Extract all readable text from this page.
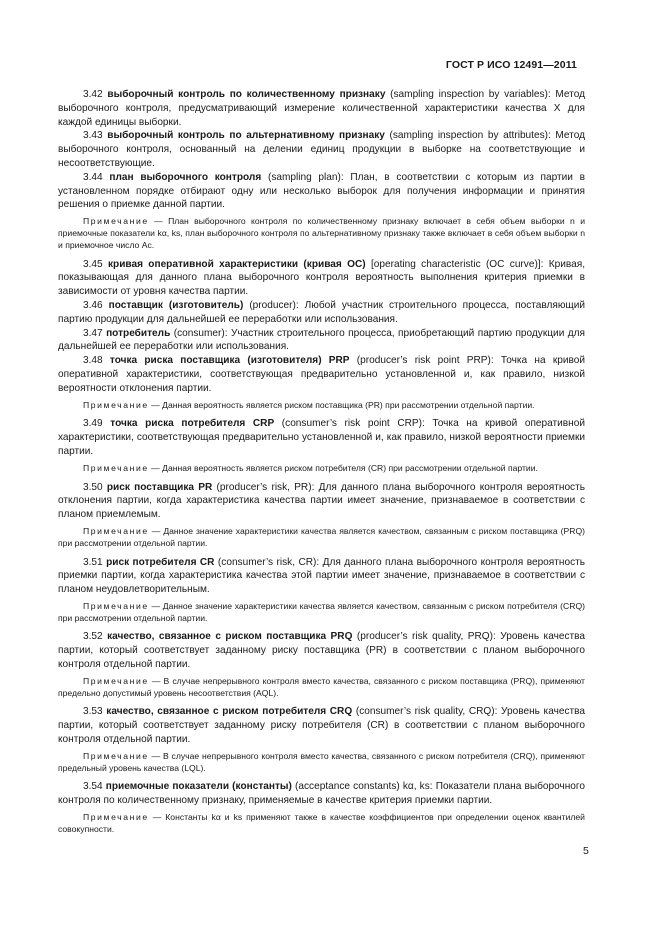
ГОСТ Р ИСО 12491—2011

3.42 выборочный контроль по количественному признаку (sampling inspection by variables): Метод выборочного контроля, предусматривающий измерение количественной характеристики качества X для каждой единицы выборки.

3.43 выборочный контроль по альтернативному признаку (sampling inspection by attributes): Метод выборочного контроля, основанный на делении единиц продукции в выборке на соответствующие и несоответствующие.

3.44 план выборочного контроля (sampling plan): План, в соответствии с которым из партии в установленном порядке отбирают одну или несколько выборок для получения информации и принятия решения о приемке данной партии.

Примечание — План выборочного контроля по количественному признаку включает в себя объем выборки n и приемочные показатели kα, ks, план выборочного контроля по альтернативному признаку также включает в себя объем выборки n и приемочное число Ac.

3.45 кривая оперативной характеристики (кривая ОС) [operating characteristic (OC curve)]: Кривая, показывающая для данного плана выборочного контроля вероятность выполнения критерия приемки в зависимости от уровня качества партии.

3.46 поставщик (изготовитель) (producer): Любой участник строительного процесса, поставляющий партию продукции для дальнейшей ее переработки или использования.

3.47 потребитель (consumer): Участник строительного процесса, приобретающий партию продукции для дальнейшей ее переработки или использования.

3.48 точка риска поставщика (изготовителя) PRP (producer’s risk point PRP): Точка на кривой оперативной характеристики, соответствующая предварительно установленной и, как правило, низкой вероятности отклонения партии.

Примечание — Данная вероятность является риском поставщика (PR) при рассмотрении отдельной партии.

3.49 точка риска потребителя CRP (consumer’s risk point CRP): Точка на кривой оперативной характеристики, соответствующая предварительно установленной и, как правило, низкой вероятности приемки партии.

Примечание — Данная вероятность является риском потребителя (CR) при рассмотрении отдельной партии.

3.50 риск поставщика PR (producer’s risk, PR): Для данного плана выборочного контроля вероятность отклонения партии, когда характеристика качества партии имеет значение, признаваемое в соответствии с планом приемлемым.

Примечание — Данное значение характеристики качества является качеством, связанным с риском поставщика (PRQ) при рассмотрении отдельной партии.

3.51 риск потребителя CR (consumer’s risk, CR): Для данного плана выборочного контроля вероятность приемки партии, когда характеристика качества этой партии имеет значение, признаваемое в соответствии с планом неудовлетворительным.

Примечание — Данное значение характеристики качества является качеством, связанным с риском потребителя (CRQ) при рассмотрении отдельной партии.

3.52 качество, связанное с риском поставщика PRQ (producer’s risk quality, PRQ): Уровень качества партии, который соответствует заданному риску поставщика (PR) в соответствии с планом выборочного контроля отдельной партии.

Примечание — В случае непрерывного контроля вместо качества, связанного с риском поставщика (PRQ), применяют предельно допустимый уровень несоответствия (AQL).

3.53 качество, связанное с риском потребителя CRQ (consumer’s risk quality, CRQ): Уровень качества партии, который соответствует заданному риску потребителя (CR) в соответствии с планом выборочного контроля отдельной партии.

Примечание — В случае непрерывного контроля вместо качества, связанного с риском потребителя (CRQ), применяют предельный уровень качества (LQL).

3.54 приемочные показатели (константы) (acceptance constants) kα, ks: Показатели плана выборочного контроля по количественному признаку, применяемые в качестве критерия приемки партии.

Примечание — Константы kα и ks применяют также в качестве коэффициентов при определении оценок квантилей совокупности.

5
